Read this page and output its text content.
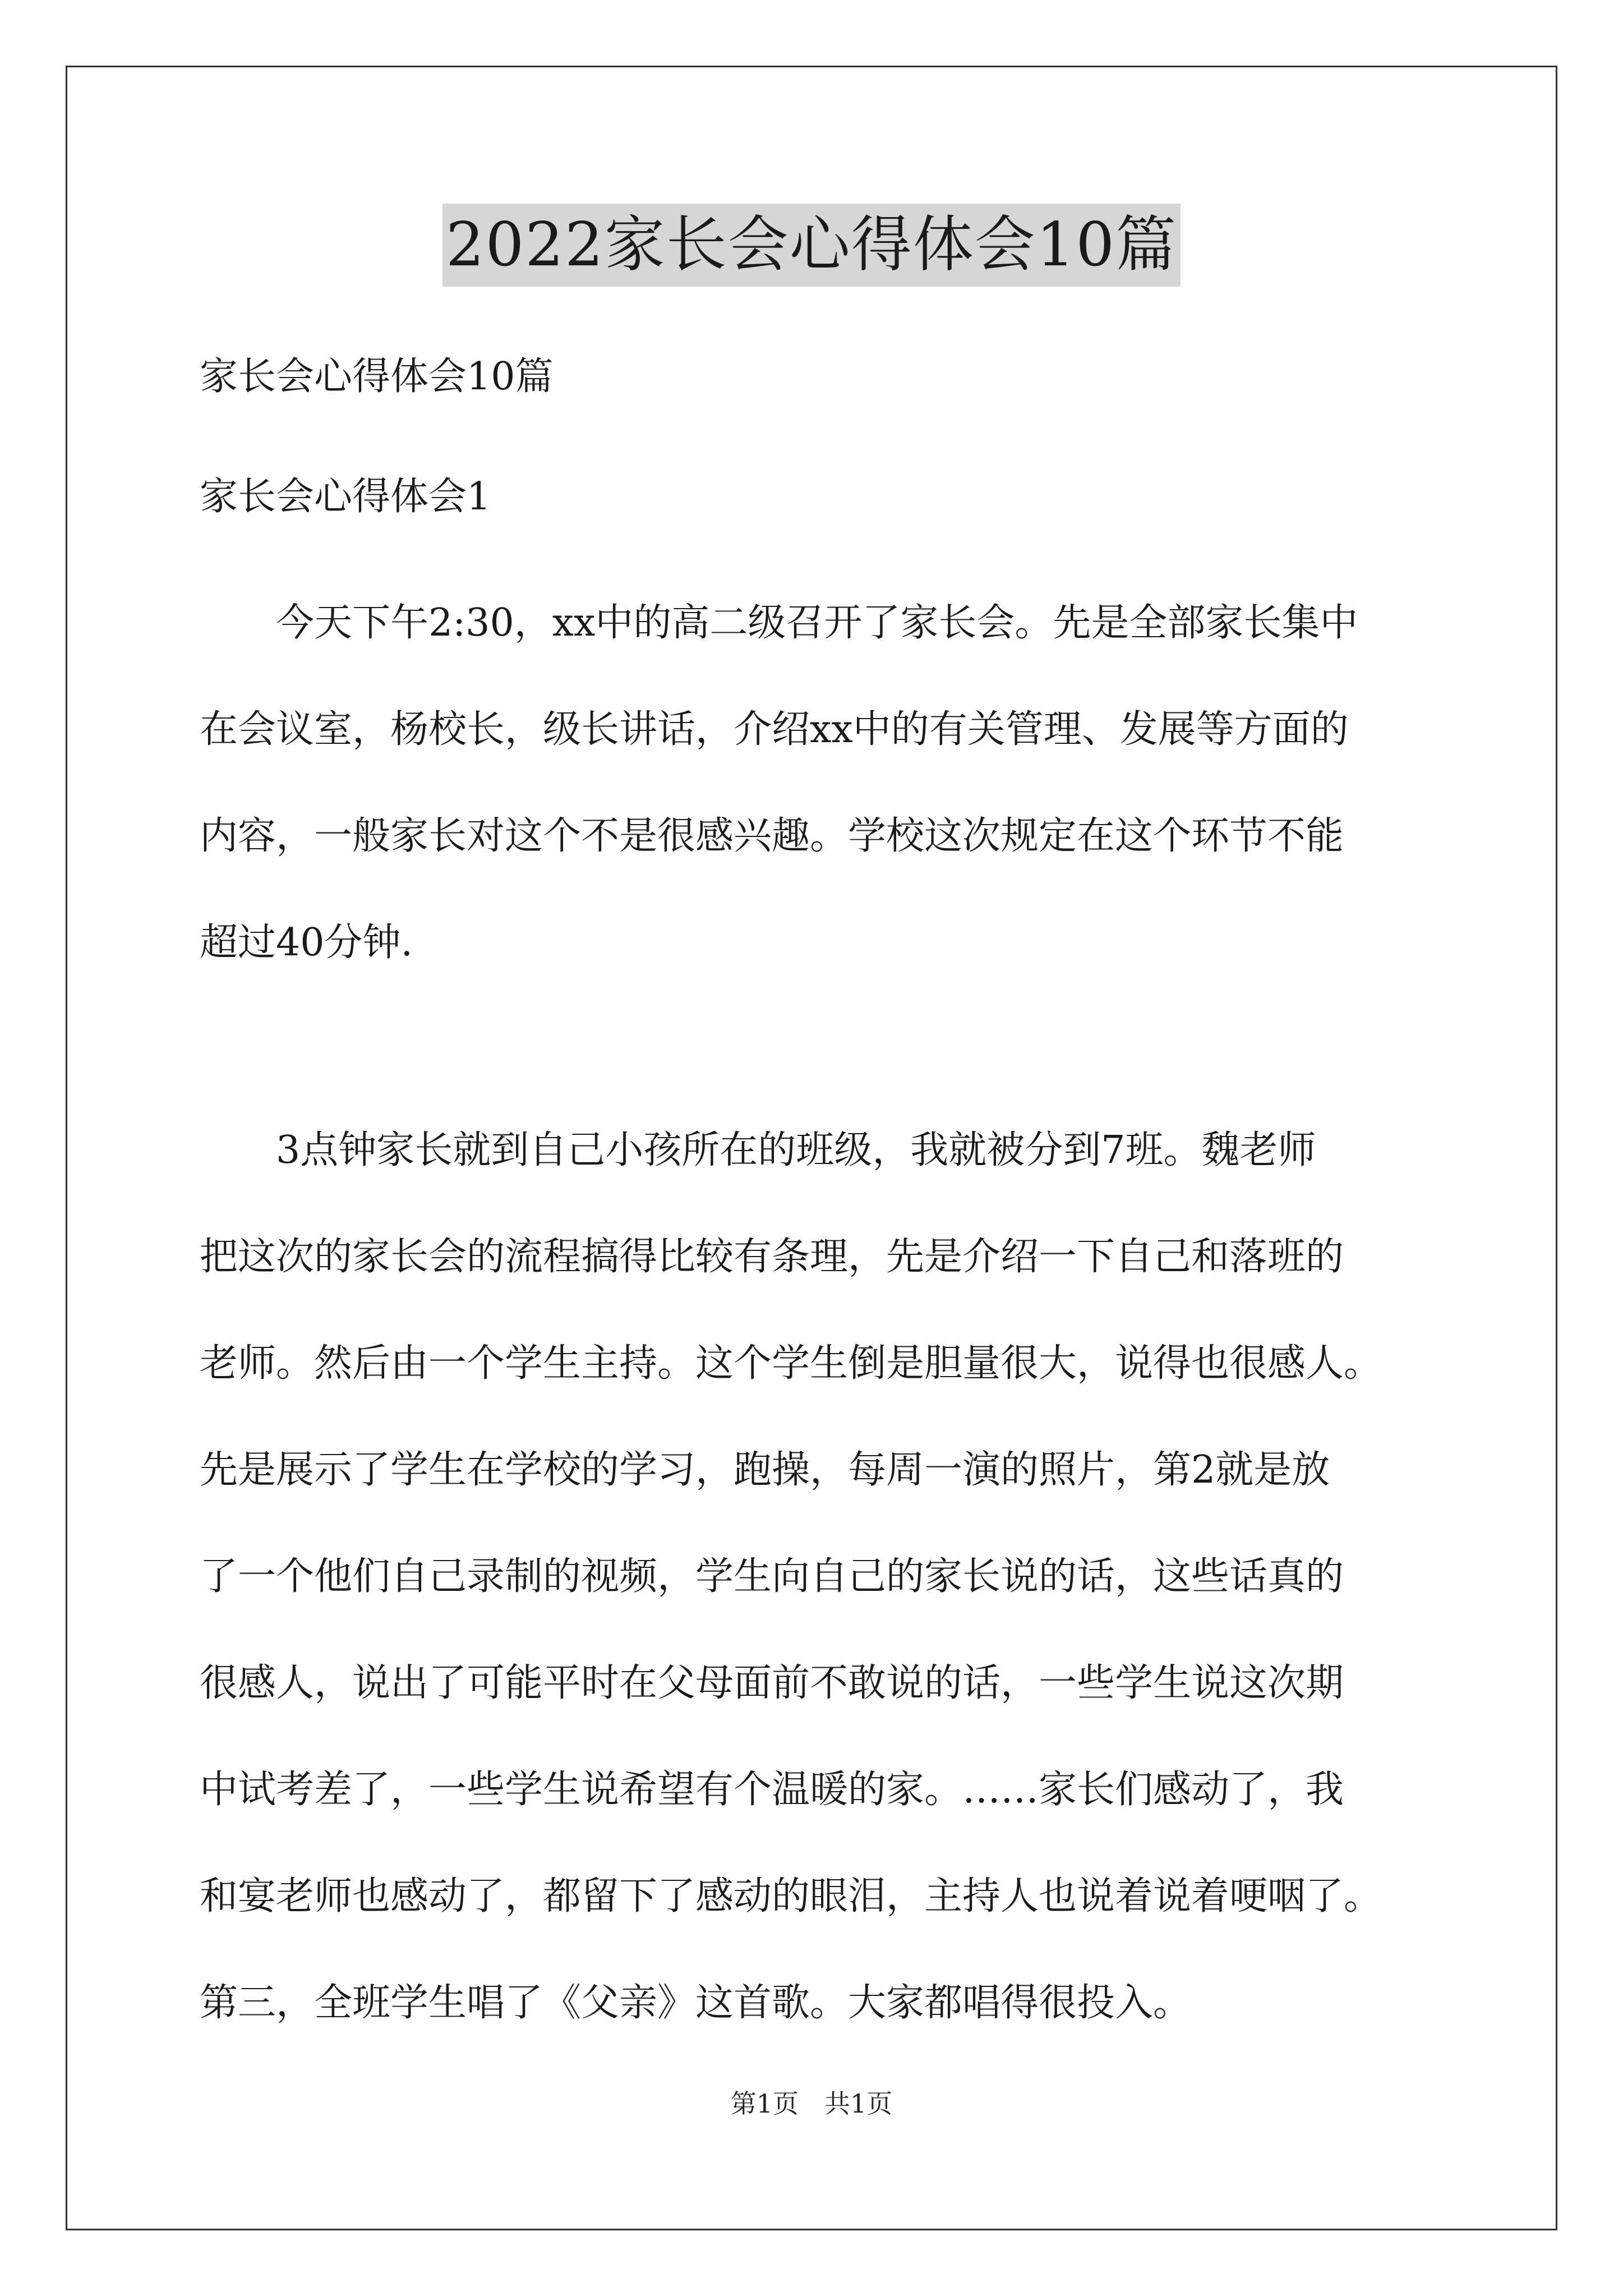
2022家长会心得体会10篇

家长会心得体会10篇

家长会心得体会1

　　今天下午2:30，xx中的高二级召开了家长会。先是全部家长集中
在会议室，杨校长，级长讲话，介绍xx中的有关管理、发展等方面的
内容，一般家长对这个不是很感兴趣。学校这次规定在这个环节不能
超过40分钟.

　　3点钟家长就到自己小孩所在的班级，我就被分到7班。魏老师
把这次的家长会的流程搞得比较有条理，先是介绍一下自己和落班的
老师。然后由一个学生主持。这个学生倒是胆量很大，说得也很感人。
先是展示了学生在学校的学习，跑操，每周一演的照片，第2就是放
了一个他们自己录制的视频，学生向自己的家长说的话，这些话真的
很感人，说出了可能平时在父母面前不敢说的话，一些学生说这次期
中试考差了，一些学生说希望有个温暖的家。……家长们感动了，我
和宴老师也感动了，都留下了感动的眼泪，主持人也说着说着哽咽了。
第三，全班学生唱了《父亲》这首歌。大家都唱得很投入。

第1页　共1页
